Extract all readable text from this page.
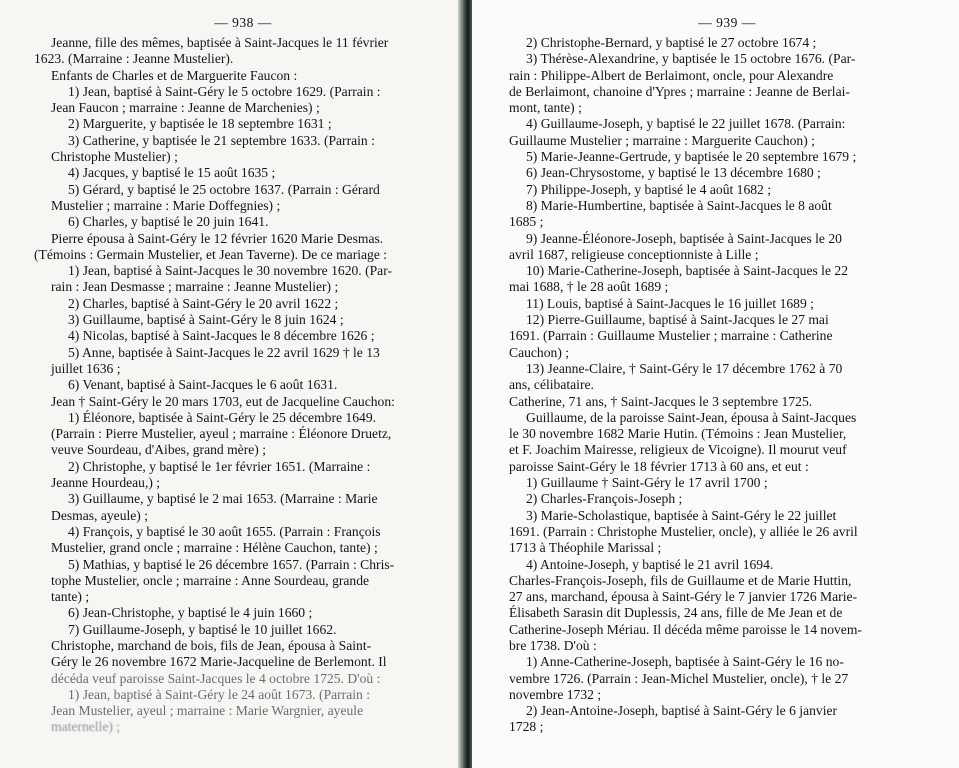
— 938 —
Jeanne, fille des mêmes, baptisée à Saint-Jacques le 11 février
1623. (Marraine : Jeanne Mustelier).
Enfants de Charles et de Marguerite Faucon :
1) Jean, baptisé à Saint-Géry le 5 octobre 1629. (Parrain :
Jean Faucon ; marraine : Jeanne de Marchenies) ;
2) Marguerite, y baptisée le 18 septembre 1631 ;
3) Catherine, y baptisée le 21 septembre 1633. (Parrain :
Christophe Mustelier) ;
4) Jacques, y baptisé le 15 août 1635 ;
5) Gérard, y baptisé le 25 octobre 1637. (Parrain : Gérard
Mustelier ; marraine : Marie Doffegnies) ;
6) Charles, y baptisé le 20 juin 1641.
Pierre épousa à Saint-Géry le 12 février 1620 Marie Desmas.
(Témoins : Germain Mustelier, et Jean Taverne). De ce mariage :
1) Jean, baptisé à Saint-Jacques le 30 novembre 1620. (Par-
rain : Jean Desmasse ; marraine : Jeanne Mustelier) ;
2) Charles, baptisé à Saint-Géry le 20 avril 1622 ;
3) Guillaume, baptisé à Saint-Géry le 8 juin 1624 ;
4) Nicolas, baptisé à Saint-Jacques le 8 décembre 1626 ;
5) Anne, baptisée à Saint-Jacques le 22 avril 1629 † le 13
juillet 1636 ;
6) Venant, baptisé à Saint-Jacques le 6 août 1631.
Jean † Saint-Géry le 20 mars 1703, eut de Jacqueline Cauchon:
1) Éléonore, baptisée à Saint-Géry le 25 décembre 1649.
(Parrain : Pierre Mustelier, ayeul ; marraine : Éléonore Druetz,
veuve Sourdeau, d'Aibes, grand mère) ;
2) Christophe, y baptisé le 1er février 1651. (Marraine :
Jeanne Hourdeau,) ;
3) Guillaume, y baptisé le 2 mai 1653. (Marraine : Marie
Desmas, ayeule) ;
4) François, y baptisé le 30 août 1655. (Parrain : François
Mustelier, grand oncle ; marraine : Hélène Cauchon, tante) ;
5) Mathias, y baptisé le 26 décembre 1657. (Parrain : Chris-
tophe Mustelier, oncle ; marraine : Anne Sourdeau, grande
tante) ;
6) Jean-Christophe, y baptisé le 4 juin 1660 ;
7) Guillaume-Joseph, y baptisé le 10 juillet 1662.
Christophe, marchand de bois, fils de Jean, épousa à Saint-
Géry le 26 novembre 1672 Marie-Jacqueline de Berlemont. Il
décéda veuf paroisse Saint-Jacques le 4 octobre 1725. D'où :
1) Jean, baptisé à Saint-Géry le 24 août 1673. (Parrain :
Jean Mustelier, ayeul ; marraine : Marie Wargnier, ayeule
maternelle) ;
— 939 —
2) Christophe-Bernard, y baptisé le 27 octobre 1674 ;
3) Thérèse-Alexandrine, y baptisée le 15 octobre 1676. (Par-
rain : Philippe-Albert de Berlaimont, oncle, pour Alexandre
de Berlaimont, chanoine d'Ypres ; marraine : Jeanne de Berlai-
mont, tante) ;
4) Guillaume-Joseph, y baptisé le 22 juillet 1678. (Parrain:
Guillaume Mustelier ; marraine : Marguerite Cauchon) ;
5) Marie-Jeanne-Gertrude, y baptisée le 20 septembre 1679 ;
6) Jean-Chrysostome, y baptisé le 13 décembre 1680 ;
7) Philippe-Joseph, y baptisé le 4 août 1682 ;
8) Marie-Humbertine, baptisée à Saint-Jacques le 8 août
1685 ;
9) Jeanne-Éléonore-Joseph, baptisée à Saint-Jacques le 20
avril 1687, religieuse conceptionniste à Lille ;
10) Marie-Catherine-Joseph, baptisée à Saint-Jacques le 22
mai 1688, † le 28 août 1689 ;
11) Louis, baptisé à Saint-Jacques le 16 juillet 1689 ;
12) Pierre-Guillaume, baptisé à Saint-Jacques le 27 mai
1691. (Parrain : Guillaume Mustelier ; marraine : Catherine
Cauchon) ;
13) Jeanne-Claire, † Saint-Géry le 17 décembre 1762 à 70
ans, célibataire.
Catherine, 71 ans, † Saint-Jacques le 3 septembre 1725.
Guillaume, de la paroisse Saint-Jean, épousa à Saint-Jacques
le 30 novembre 1682 Marie Hutin. (Témoins : Jean Mustelier,
et F. Joachim Mairesse, religieux de Vicoigne). Il mourut veuf
paroisse Saint-Géry le 18 février 1713 à 60 ans, et eut :
1) Guillaume † Saint-Géry le 17 avril 1700 ;
2) Charles-François-Joseph ;
3) Marie-Scholastique, baptisée à Saint-Géry le 22 juillet
1691. (Parrain : Christophe Mustelier, oncle), y alliée le 26 avril
1713 à Théophile Marissal ;
4) Antoine-Joseph, y baptisé le 21 avril 1694.
Charles-François-Joseph, fils de Guillaume et de Marie Huttin,
27 ans, marchand, épousa à Saint-Géry le 7 janvier 1726 Marie-
Élisabeth Sarasin dit Duplessis, 24 ans, fille de Me Jean et de
Catherine-Joseph Mériau. Il décéda même paroisse le 14 novem-
bre 1738. D'où :
1) Anne-Catherine-Joseph, baptisée à Saint-Géry le 16 no-
vembre 1726. (Parrain : Jean-Michel Mustelier, oncle), † le 27
novembre 1732 ;
2) Jean-Antoine-Joseph, baptisé à Saint-Géry le 6 janvier
1728 ;
